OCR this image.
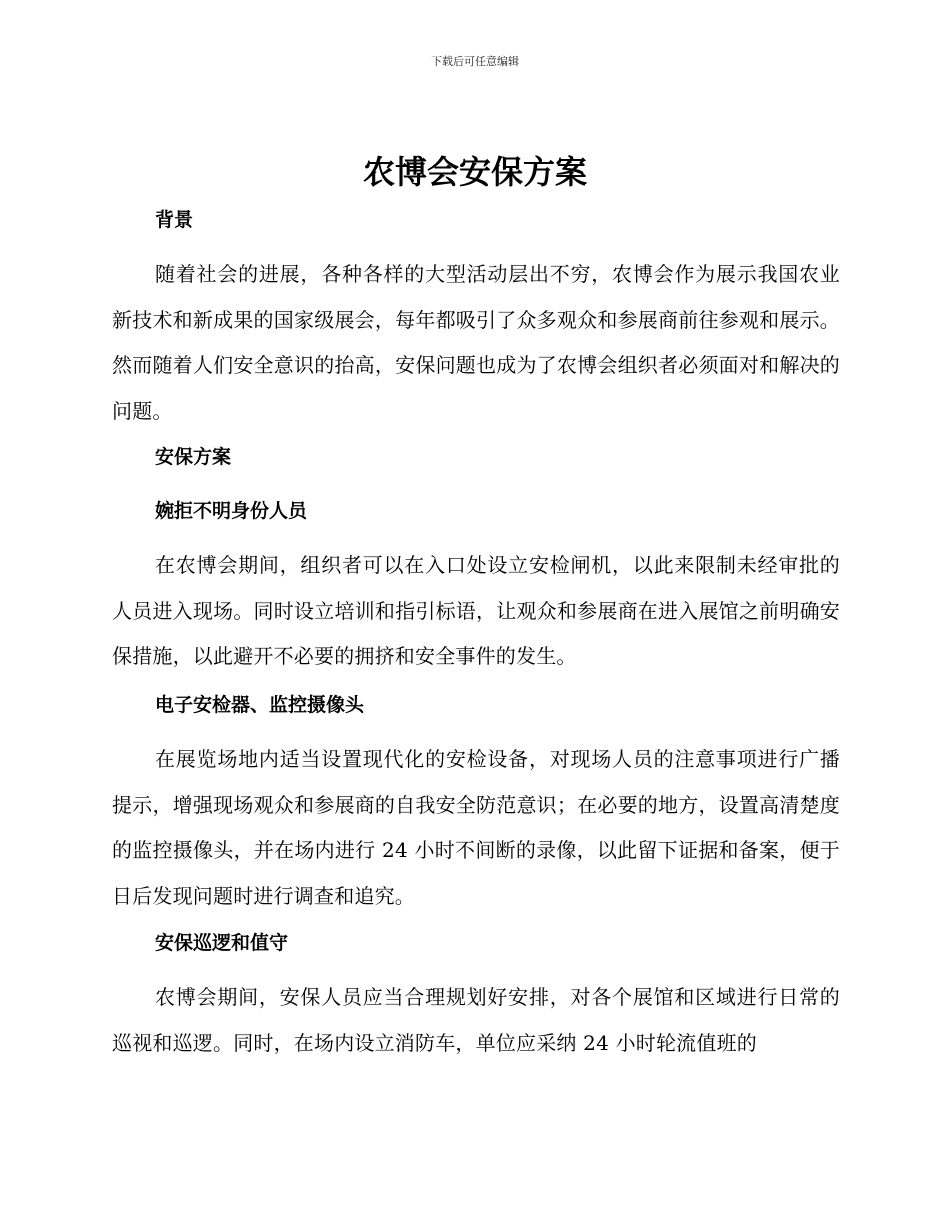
下载后可任意编辑
农博会安保方案
背景

随着社会的进展，各种各样的大型活动层出不穷，农博会作为展示我国农业新技术和新成果的国家级展会，每年都吸引了众多观众和参展商前往参观和展示。然而随着人们安全意识的抬高，安保问题也成为了农博会组织者必须面对和解决的问题。

安保方案
婉拒不明身份人员

在农博会期间，组织者可以在入口处设立安检闸机，以此来限制未经审批的人员进入现场。同时设立培训和指引标语，让观众和参展商在进入展馆之前明确安保措施，以此避开不必要的拥挤和安全事件的发生。

电子安检器、监控摄像头

在展览场地内适当设置现代化的安检设备，对现场人员的注意事项进行广播提示，增强现场观众和参展商的自我安全防范意识；在必要的地方，设置高清楚度的监控摄像头，并在场内进行 24 小时不间断的录像，以此留下证据和备案，便于日后发现问题时进行调查和追究。

安保巡逻和值守

农博会期间，安保人员应当合理规划好安排，对各个展馆和区域进行日常的巡视和巡逻。同时，在场内设立消防车，单位应采纳 24 小时轮流值班的
